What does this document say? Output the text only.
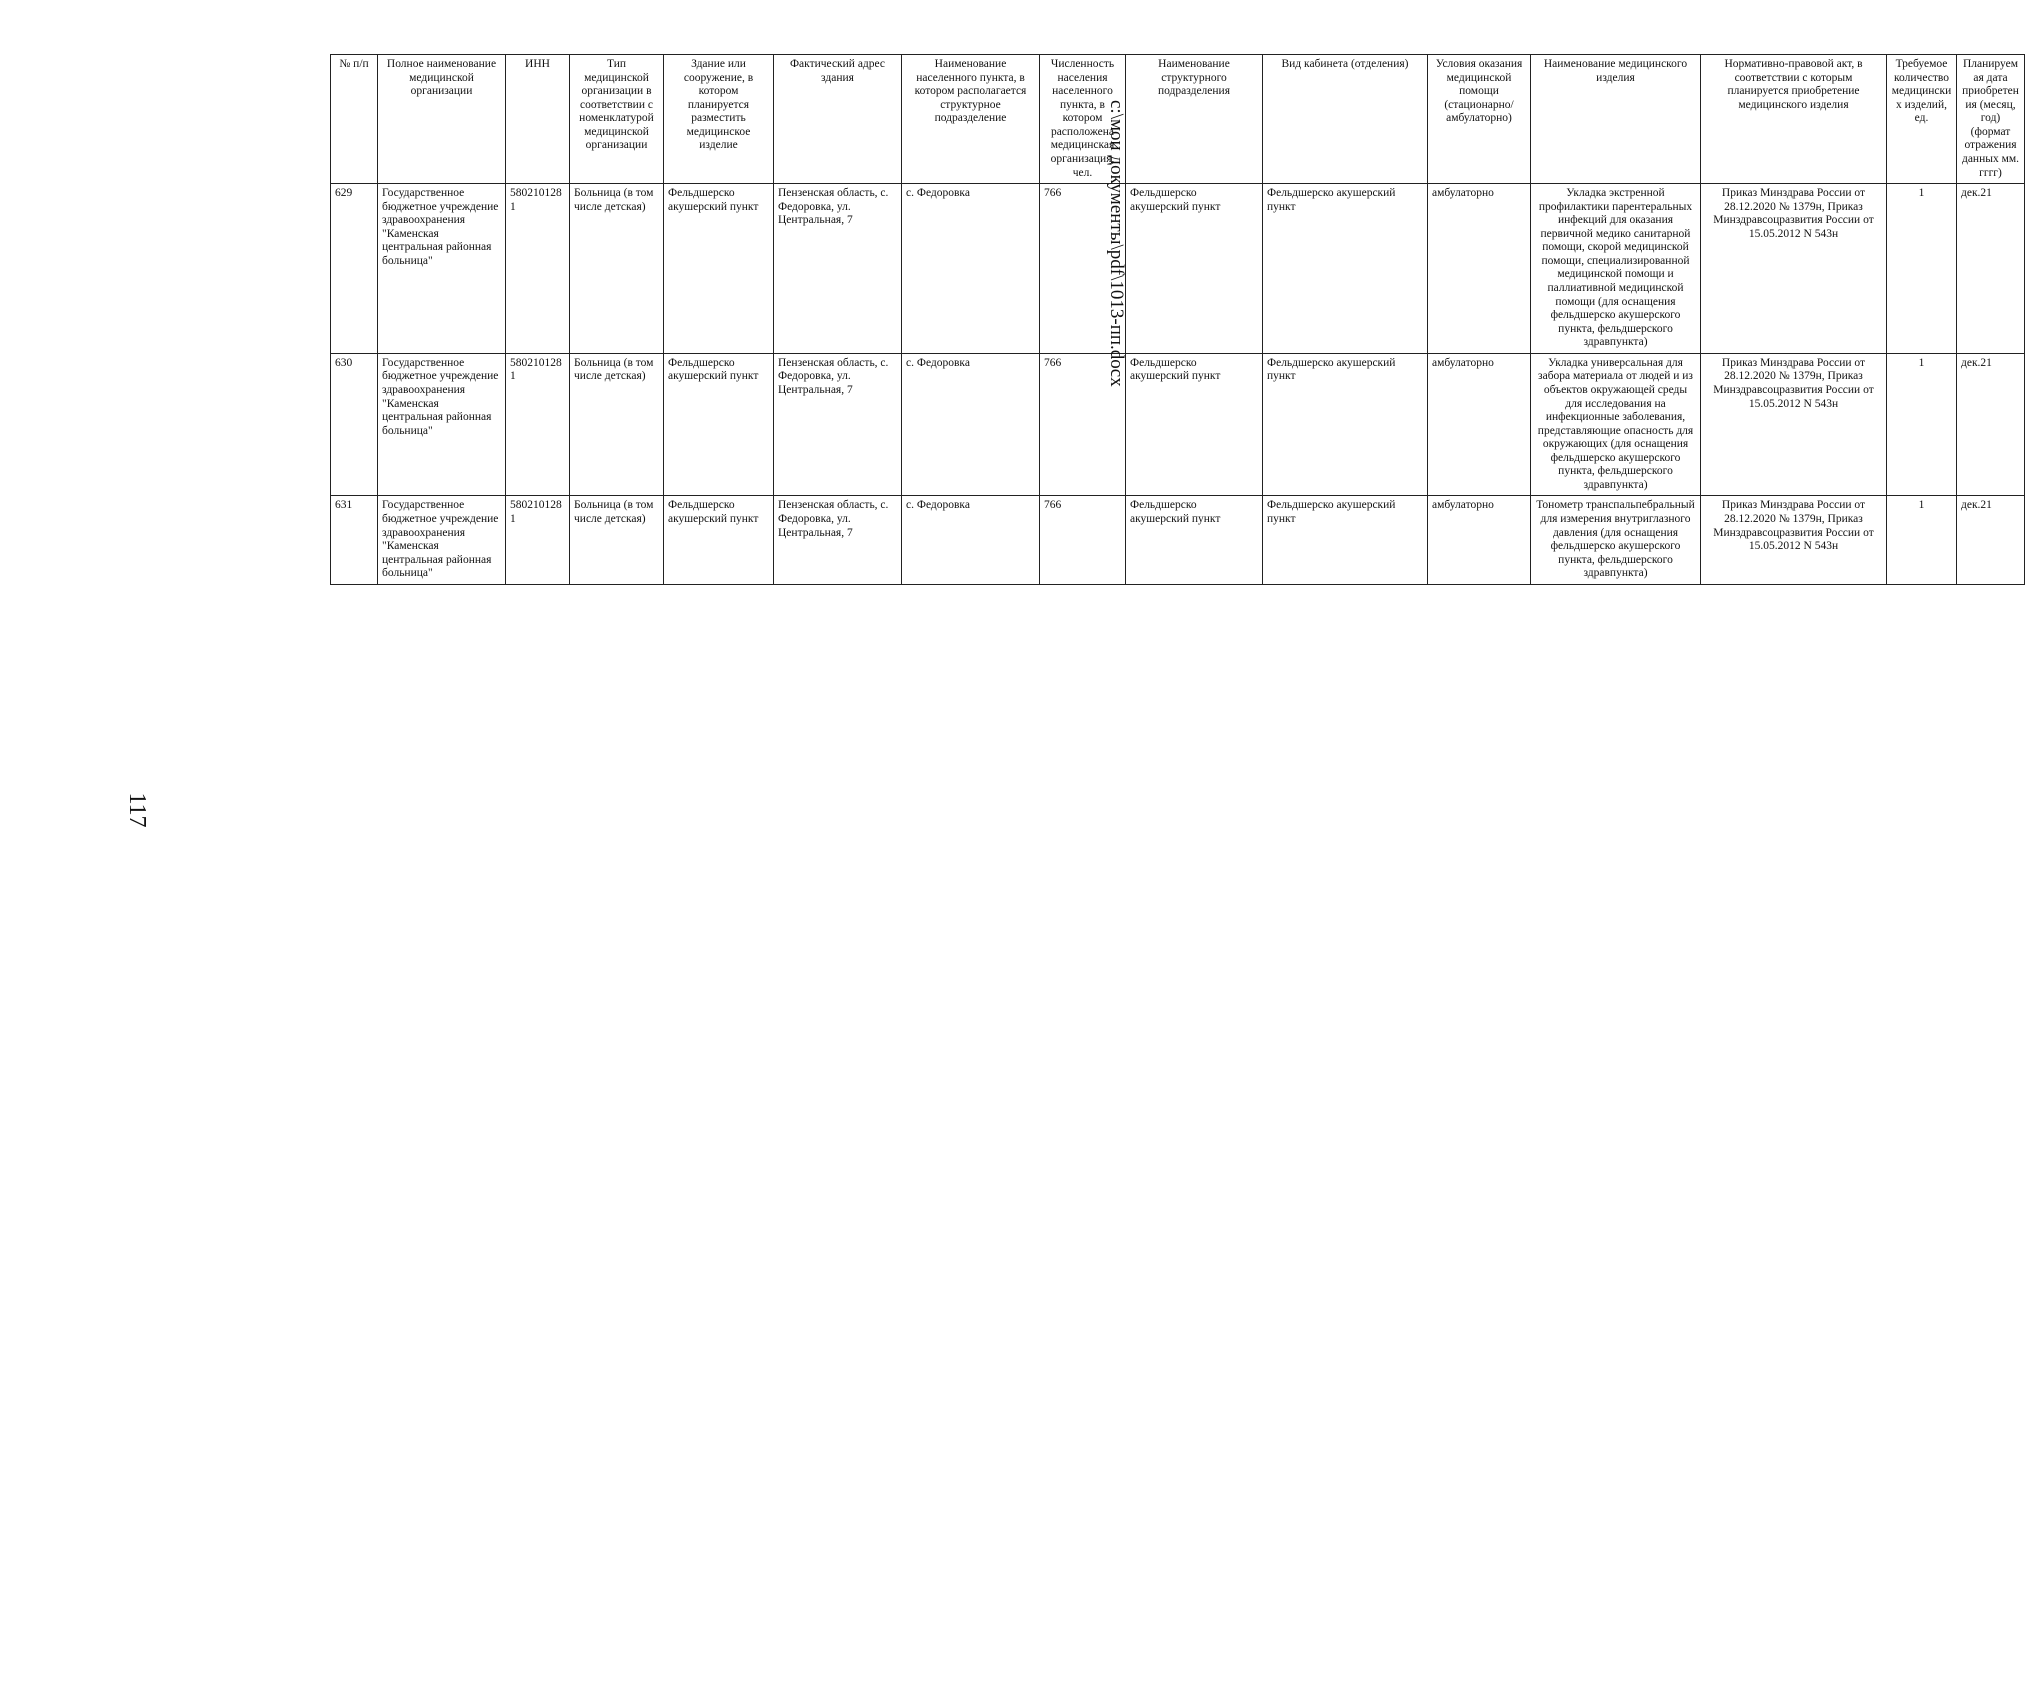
117
№ п/п	Полное наименование медицинской организации	ИНН	Тип медицинской организации в соответствии с номенклатурой медицинской организации	Здание или сооружение, в котором планируется разместить медицинское изделие	Фактический адрес здания	Наименование населенного пункта, в котором располагается структурное подразделение	Численность населения населенного пункта, в котором расположена медицинская организация, чел.	Наименование структурного подразделения	Вид кабинета (отделения)	Условия оказания медицинской помощи (стационарно/ амбулаторно)	Наименование медицинского изделия	Нормативно-правовой акт, в соответствии с которым планируется приобретение медицинского изделия	Требуемое количество медицинских изделий, ед.	Планируемая дата приобретения (месяц, год) (формат отражения данных мм. гггг)
629	Государственное бюджетное учреждение здравоохранения "Каменская центральная районная больница"	5802101281	Больница (в том числе детская)	Фельдшерско акушерский пункт	Пензенская область, с. Федоровка, ул. Центральная, 7	с. Федоровка	766	Фельдшерско акушерский пункт	Фельдшерско акушерский пункт	амбулаторно	Укладка экстренной профилактики парентеральных инфекций для оказания первичной медико санитарной помощи, скорой медицинской помощи, специализированной медицинской помощи и паллиативной медицинской помощи (для оснащения фельдшерско акушерского пункта, фельдшерского здравпункта)	Приказ Минздрава России от 28.12.2020 № 1379н, Приказ Минздравсоцразвития России от 15.05.2012 N 543н	1	дек.21
630	Государственное бюджетное учреждение здравоохранения "Каменская центральная районная больница"	5802101281	Больница (в том числе детская)	Фельдшерско акушерский пункт	Пензенская область, с. Федоровка, ул. Центральная, 7	с. Федоровка	766	Фельдшерско акушерский пункт	Фельдшерско акушерский пункт	амбулаторно	Укладка универсальная для забора материала от людей и из объектов окружающей среды для исследования на инфекционные заболевания, представляющие опасность для окружающих (для оснащения фельдшерско акушерского пункта, фельдшерского здравпункта)	Приказ Минздрава России от 28.12.2020 № 1379н, Приказ Минздравсоцразвития России от 15.05.2012 N 543н	1	дек.21
631	Государственное бюджетное учреждение здравоохранения "Каменская центральная районная больница"	5802101281	Больница (в том числе детская)	Фельдшерско акушерский пункт	Пензенская область, с. Федоровка, ул. Центральная, 7	с. Федоровка	766	Фельдшерско акушерский пункт	Фельдшерско акушерский пункт	амбулаторно	Тонометр транспальпебральный для измерения внутриглазного давления (для оснащения фельдшерско акушерского пункта, фельдшерского здравпункта)	Приказ Минздрава России от 28.12.2020 № 1379н, Приказ Минздравсоцразвития России от 15.05.2012 N 543н	1	дек.21
c:\мои документы\pdf\1013-пп.docx
